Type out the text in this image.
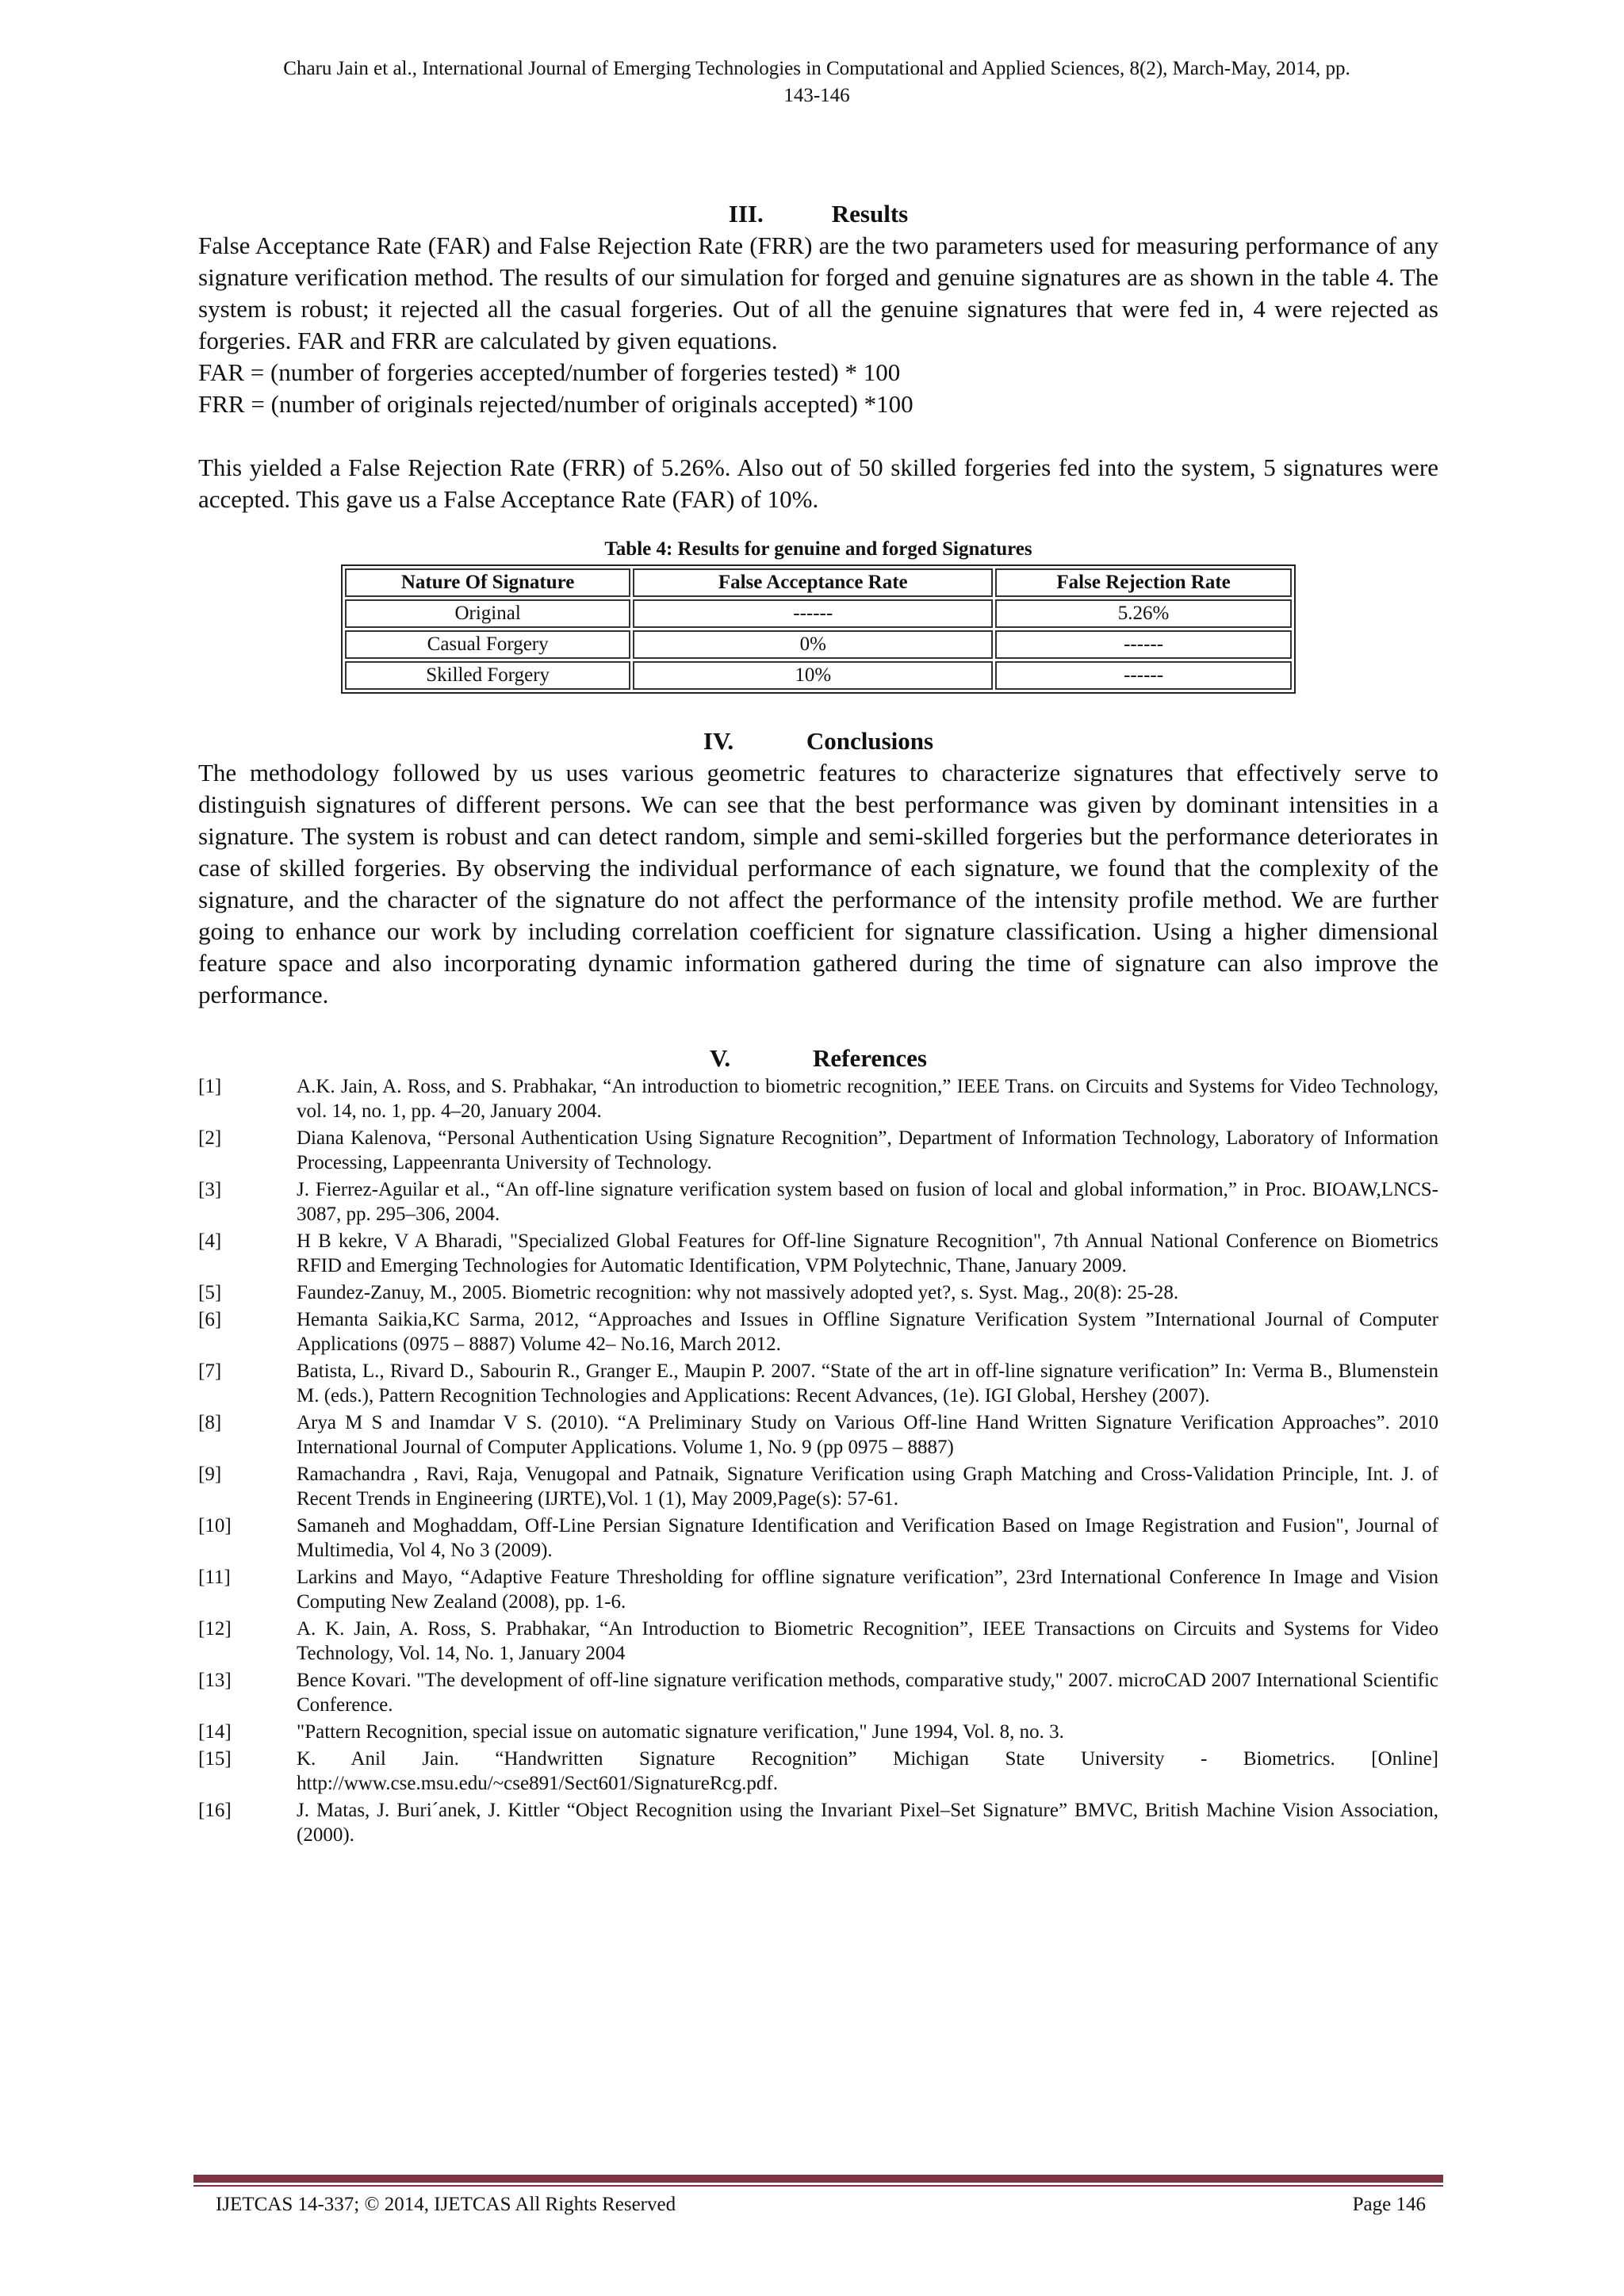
Charu Jain et al., International Journal of Emerging Technologies in Computational and Applied Sciences, 8(2), March-May, 2014, pp.
143-146
III.	Results

False Acceptance Rate (FAR) and False Rejection Rate (FRR) are the two parameters used for measuring performance of any signature verification method. The results of our simulation for forged and genuine signatures are as shown in the table 4. The system is robust; it rejected all the casual forgeries. Out of all the genuine signatures that were fed in, 4 were rejected as forgeries. FAR and FRR are calculated by given equations.

FAR = (number of forgeries accepted/number of forgeries tested) * 100

FRR = (number of originals rejected/number of originals accepted) *100

This yielded a False Rejection Rate (FRR) of 5.26%. Also out of 50 skilled forgeries fed into the system, 5 signatures were accepted. This gave us a False Acceptance Rate (FAR) of 10%.

Table 4: Results for genuine and forged Signatures
Nature Of Signature	False Acceptance Rate	False Rejection Rate
Original	------	5.26%
Casual Forgery	0%	------
Skilled Forgery	10%	------
IV.	Conclusions

The methodology followed by us uses various geometric features to characterize signatures that effectively serve to distinguish signatures of different persons. We can see that the best performance was given by dominant intensities in a signature. The system is robust and can detect random, simple and semi-skilled forgeries but the performance deteriorates in case of skilled forgeries. By observing the individual performance of each signature, we found that the complexity of the signature, and the character of the signature do not affect the performance of the intensity profile method. We are further going to enhance our work by including correlation coefficient for signature classification. Using a higher dimensional feature space and also incorporating dynamic information gathered during the time of signature can also improve the performance.

V.	References
[1]	A.K. Jain, A. Ross, and S. Prabhakar, “An introduction to biometric recognition,” IEEE Trans. on Circuits and Systems for Video Technology, vol. 14, no. 1, pp. 4–20, January 2004.
[2]	Diana Kalenova, “Personal Authentication Using Signature Recognition”, Department of Information Technology, Laboratory of Information Processing, Lappeenranta University of Technology.
[3]	J. Fierrez-Aguilar et al., “An off-line signature verification system based on fusion of local and global information,” in Proc. BIOAW,LNCS-3087, pp. 295–306, 2004.
[4]	H B kekre, V A Bharadi, "Specialized Global Features for Off-line Signature Recognition", 7th Annual National Conference on Biometrics RFID and Emerging Technologies for Automatic Identification, VPM Polytechnic, Thane, January 2009.
[5]	Faundez-Zanuy, M., 2005. Biometric recognition: why not massively adopted yet?, s. Syst. Mag., 20(8): 25-28.
[6]	Hemanta Saikia,KC Sarma, 2012, “Approaches and Issues in Offline Signature Verification System ”International Journal of Computer Applications (0975 – 8887) Volume 42– No.16, March 2012.
[7]	Batista, L., Rivard D., Sabourin R., Granger E., Maupin P. 2007. “State of the art in off-line signature verification” In: Verma B., Blumenstein M. (eds.), Pattern Recognition Technologies and Applications: Recent Advances, (1e). IGI Global, Hershey (2007).
[8]	Arya M S and Inamdar V S. (2010). “A Preliminary Study on Various Off-line Hand Written Signature Verification Approaches”. 2010 International Journal of Computer Applications. Volume 1, No. 9 (pp 0975 – 8887)
[9]	Ramachandra , Ravi, Raja, Venugopal and Patnaik, Signature Verification using Graph Matching and Cross-Validation Principle, Int. J. of Recent Trends in Engineering (IJRTE),Vol. 1 (1), May 2009,Page(s): 57-61.
[10]	Samaneh and Moghaddam, Off-Line Persian Signature Identification and Verification Based on Image Registration and Fusion", Journal of Multimedia, Vol 4, No 3 (2009).
[11]	Larkins and Mayo, “Adaptive Feature Thresholding for offline signature verification”, 23rd International Conference In Image and Vision Computing New Zealand (2008), pp. 1-6.
[12]	A. K. Jain, A. Ross, S. Prabhakar, “An Introduction to Biometric Recognition”, IEEE Transactions on Circuits and Systems for Video Technology, Vol. 14, No. 1, January 2004
[13]	Bence Kovari. "The development of off-line signature verification methods, comparative study," 2007. microCAD 2007 International Scientific Conference.
[14]	"Pattern Recognition, special issue on automatic signature verification," June 1994, Vol. 8, no. 3.
[15]	K. Anil Jain. “Handwritten Signature Recognition” Michigan State University - Biometrics. [Online] http://www.cse.msu.edu/~cse891/Sect601/SignatureRcg.pdf.
[16]	J. Matas, J. Buri´anek, J. Kittler “Object Recognition using the Invariant Pixel–Set Signature” BMVC, British Machine Vision Association, (2000).
IJETCAS 14-337; © 2014, IJETCAS All Rights Reserved	Page 146
